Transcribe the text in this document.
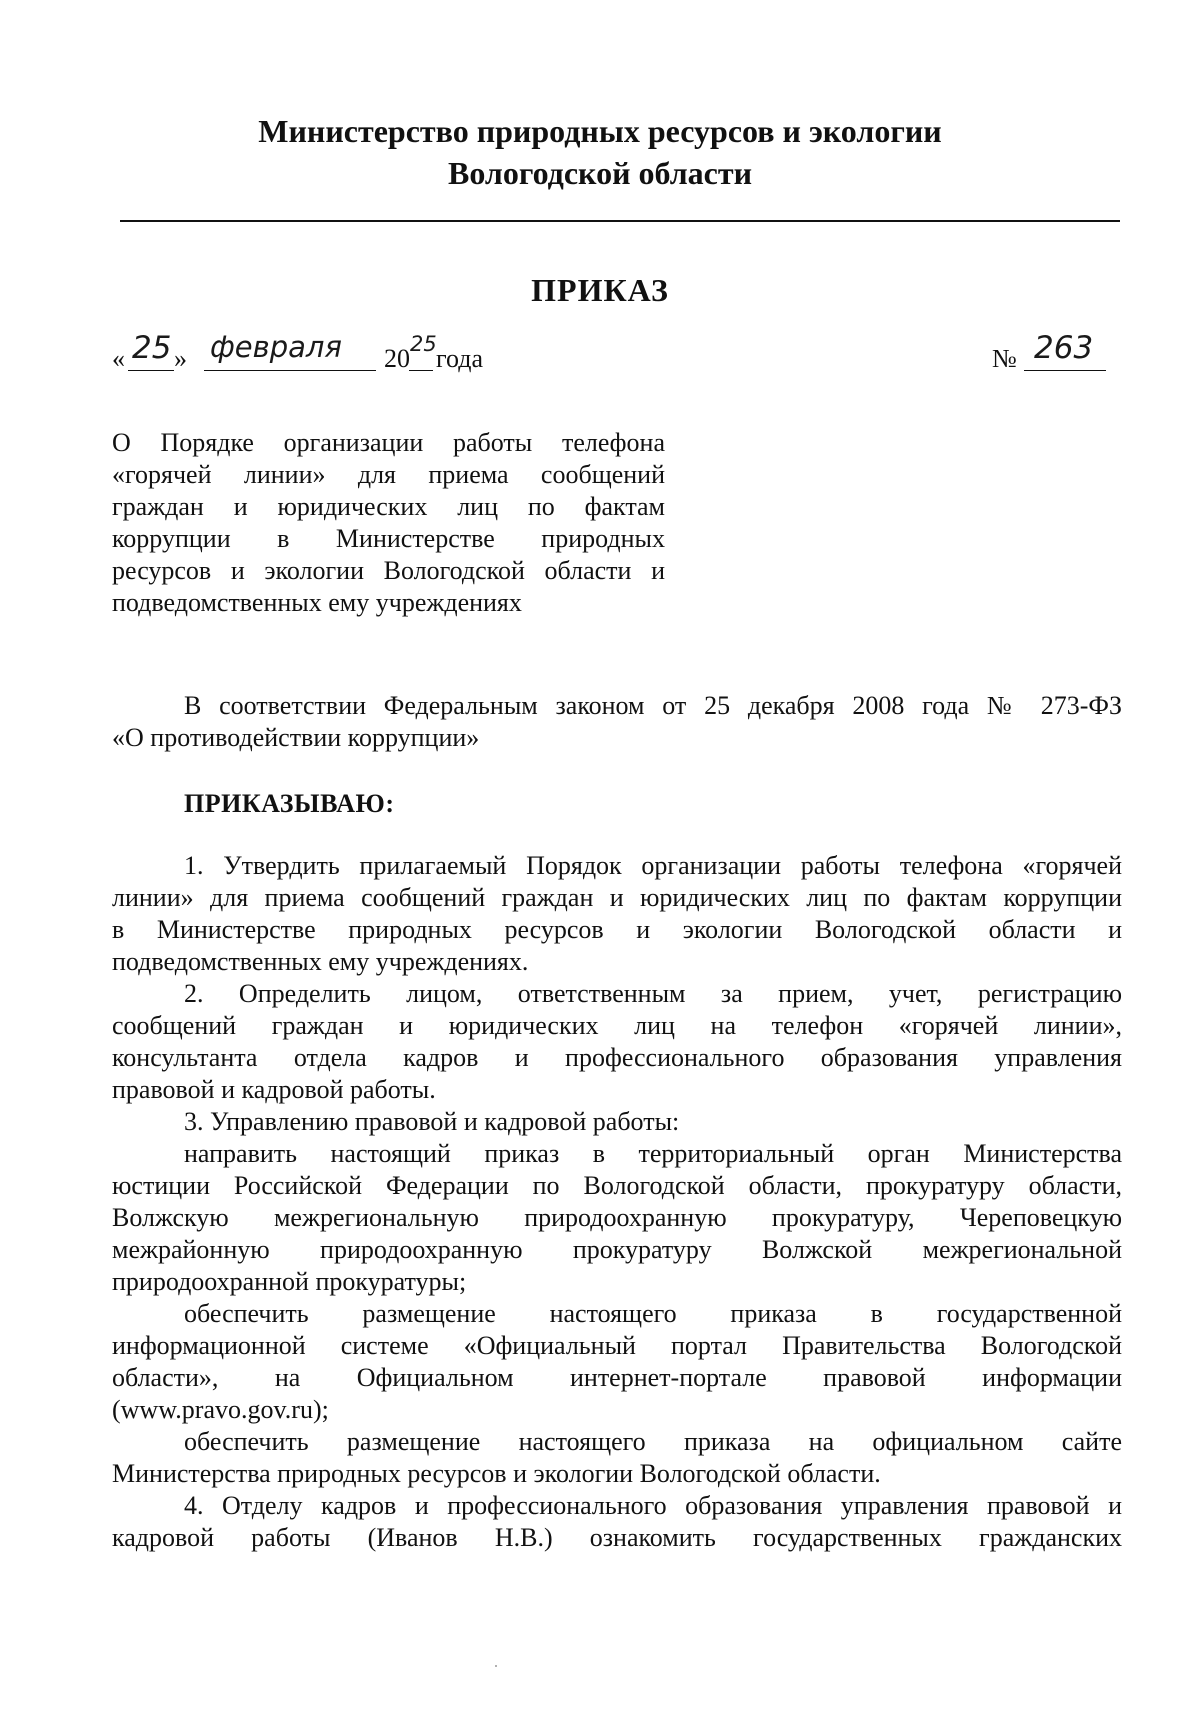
Министерство природных ресурсов и экологии
Вологодской области
ПРИКАЗ
« 25 » февраля 20 25 года	№ 263
О Порядке организации работы телефона
«горячей линии» для приема сообщений
граждан и юридических лиц по фактам
коррупции в Министерстве природных
ресурсов и экологии Вологодской области и
подведомственных ему учреждениях
В соответствии Федеральным законом от 25 декабря 2008 года № 273-ФЗ
«О противодействии коррупции»
ПРИКАЗЫВАЮ:
1. Утвердить прилагаемый Порядок организации работы телефона «горячей
линии» для приема сообщений граждан и юридических лиц по фактам коррупции
в Министерстве природных ресурсов и экологии Вологодской области и
подведомственных ему учреждениях.
2. Определить лицом, ответственным за прием, учет, регистрацию
сообщений граждан и юридических лиц на телефон «горячей линии»,
консультанта отдела кадров и профессионального образования управления
правовой и кадровой работы.
3. Управлению правовой и кадровой работы:
направить настоящий приказ в территориальный орган Министерства
юстиции Российской Федерации по Вологодской области, прокуратуру области,
Волжскую межрегиональную природоохранную прокуратуру, Череповецкую
межрайонную природоохранную прокуратуру Волжской межрегиональной
природоохранной прокуратуры;
обеспечить размещение настоящего приказа в государственной
информационной системе «Официальный портал Правительства Вологодской
области», на Официальном интернет-портале правовой информации
(www.pravo.gov.ru);
обеспечить размещение настоящего приказа на официальном сайте
Министерства природных ресурсов и экологии Вологодской области.
4. Отделу кадров и профессионального образования управления правовой и
кадровой работы (Иванов Н.В.) ознакомить государственных гражданских
